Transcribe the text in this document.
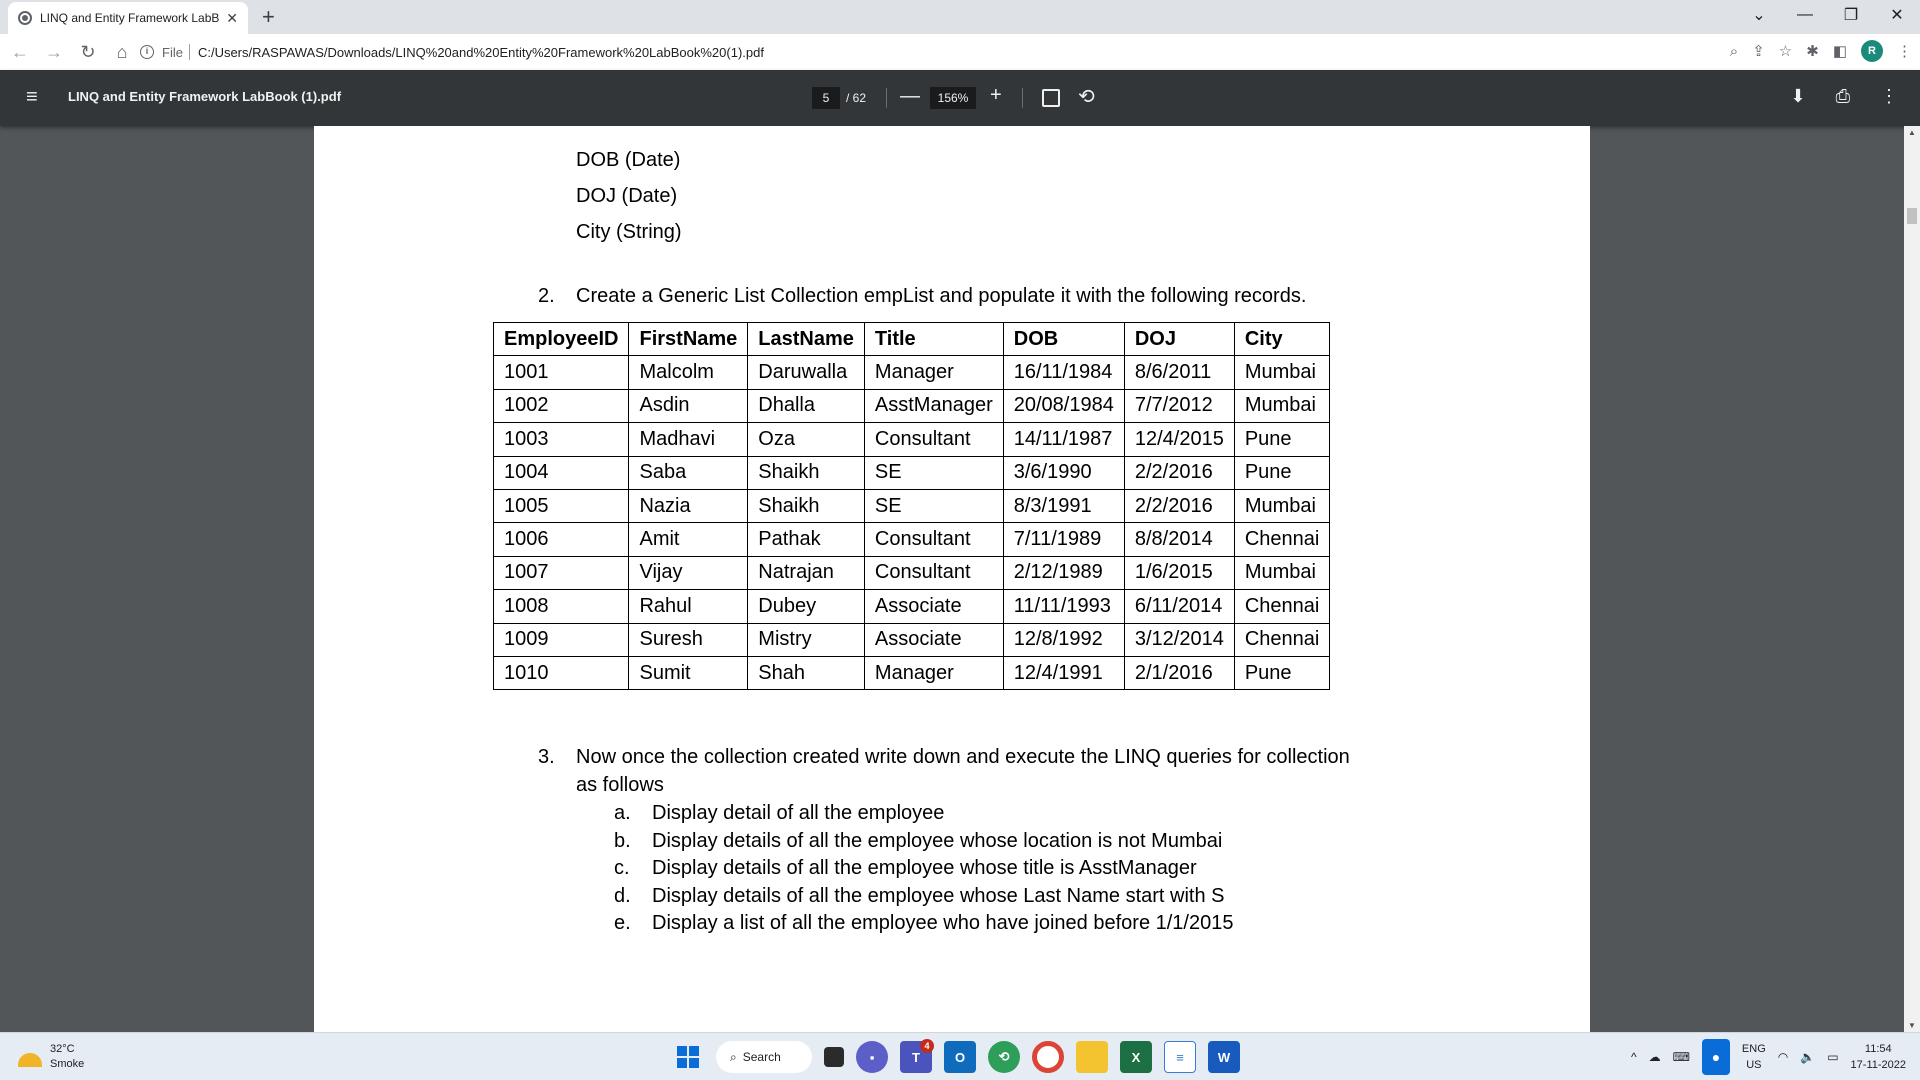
LINQ and Entity Framework LabB ✕ +	⌄	—	❐	✕
← → ↻	⌂	i	File C:/Users/RASPAWAS/Downloads/LINQ%20and%20Entity%20Framework%20LabBook%20(1).pdf	⌕ ⇪ ☆ ✱ ◧	R	⋮
≡ LINQ and Entity Framework LabBook (1).pdf	5	/ 62 —	156%	+	⟲	⬇ ⎙ ⋮
DOB (Date)
DOJ (Date)
City (String)
2. Create a Generic List Collection empList and populate it with the following records.
EmployeeID	FirstName	LastName	Title	DOB	DOJ	City
1001	Malcolm	Daruwalla	Manager	16/11/1984	8/6/2011	Mumbai
1002	Asdin	Dhalla	AsstManager	20/08/1984	7/7/2012	Mumbai
1003	Madhavi	Oza	Consultant	14/11/1987	12/4/2015	Pune
1004	Saba	Shaikh	SE	3/6/1990	2/2/2016	Pune
1005	Nazia	Shaikh	SE	8/3/1991	2/2/2016	Mumbai
1006	Amit	Pathak	Consultant	7/11/1989	8/8/2014	Chennai
1007	Vijay	Natrajan	Consultant	2/12/1989	1/6/2015	Mumbai
1008	Rahul	Dubey	Associate	11/11/1993	6/11/2014	Chennai
1009	Suresh	Mistry	Associate	12/8/1992	3/12/2014	Chennai
1010	Sumit	Shah	Manager	12/4/1991	2/1/2016	Pune
3. Now once the collection created write down and execute the LINQ queries for collection
as follows
a. Display detail of all the employee
b. Display details of all the employee whose location is not Mumbai
c. Display details of all the employee whose title is AsstManager
d. Display details of all the employee whose Last Name start with S
e. Display a list of all the employee who have joined before 1/1/2015
▲
▼
32°C
Smoke
⌕ Search	▪	T
4
O	⟲	X	≡	W	^ ☁ ⌨	●	ENG
US
◠ 🔈 ▭
11:54
17-11-2022
